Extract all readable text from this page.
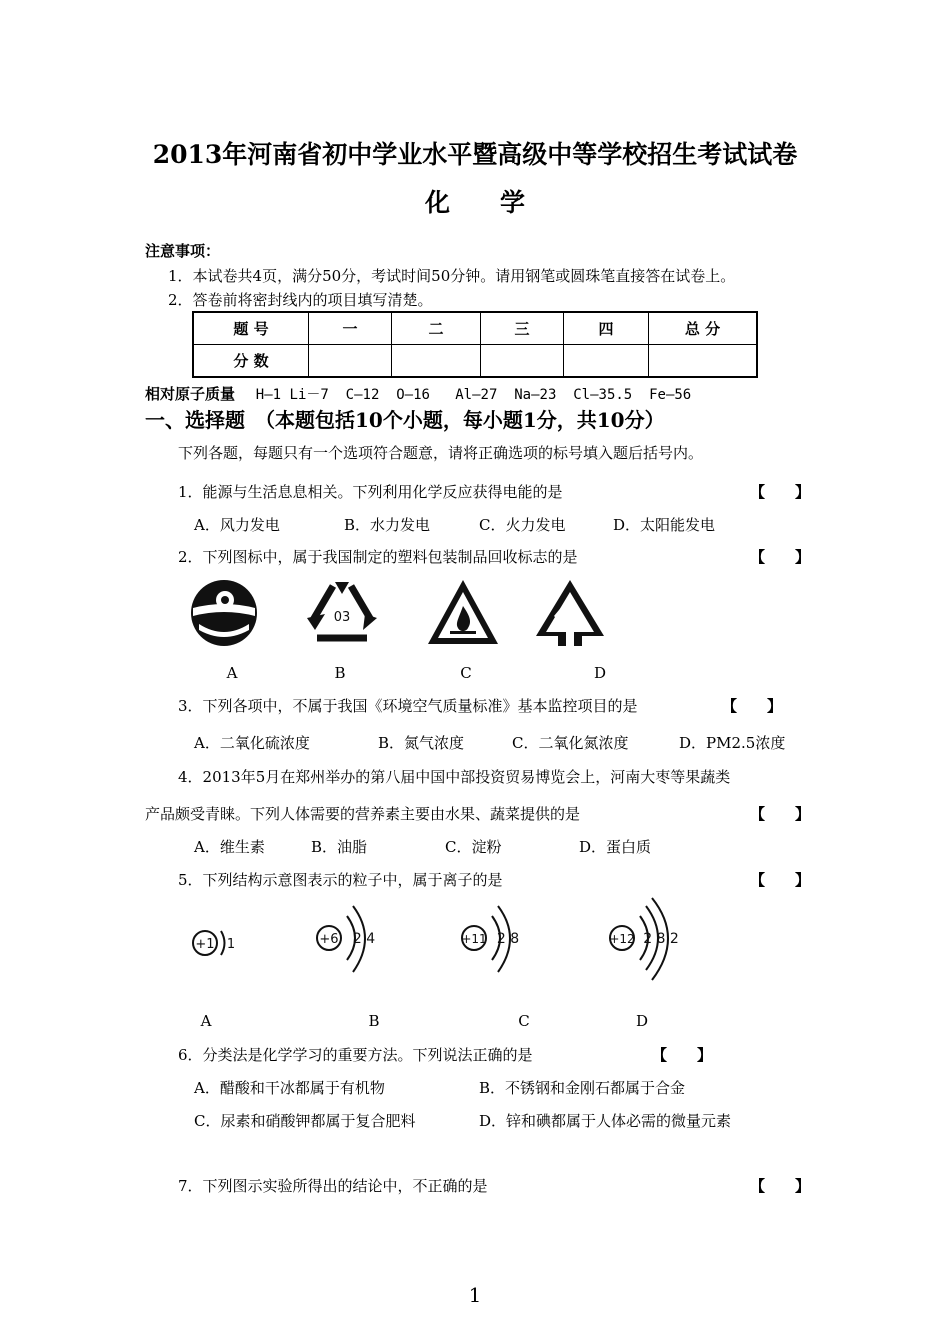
2013年河南省初中学业水平暨高级中等学校招生考试试卷
化　　学
注意事项：
1．本试卷共4页，满分50分，考试时间50分钟。请用钢笔或圆珠笔直接答在试卷上。
2．答卷前将密封线内的项目填写清楚。
题 号	一	二	三	四	总 分
分 数					
相对原子质量 H—1 Li－7  C—12  O—16   Al—27  Na—23  Cl—35.5  Fe—56
一、选择题　（本题包括10个小题，每小题1分，共10分）
下列各题，每题只有一个选项符合题意，请将正确选项的标号填入题后括号内。
1．能源与生活息息相关。下列利用化学反应获得电能的是	【　　】
A．风力发电	B．水力发电	C．火力发电	D．太阳能发电
2．下列图标中，属于我国制定的塑料包装制品回收标志的是	【　　】
03
A	B	C	D
3．下列各项中，不属于我国《环境空气质量标准》基本监控项目的是	【　　】
A．二氧化硫浓度	B．氮气浓度	C．二氧化氮浓度	D．PM2.5浓度
4．2013年5月在郑州举办的第八届中国中部投资贸易博览会上，河南大枣等果蔬类
产品颇受青睐。下列人体需要的营养素主要由水果、蔬菜提供的是	【　　】
A．维生素	B．油脂	C．淀粉	D．蛋白质
5．下列结构示意图表示的粒子中，属于离子的是	【　　】
+1 1	+6 2 4	+11 2 8	+12 2 8 2
A	B	C	D
6．分类法是化学学习的重要方法。下列说法正确的是	【　　】
A．醋酸和干冰都属于有机物	B．不锈钢和金刚石都属于合金
C．尿素和硝酸钾都属于复合肥料	D．锌和碘都属于人体必需的微量元素
7．下列图示实验所得出的结论中，不正确的是	【　　】
1
